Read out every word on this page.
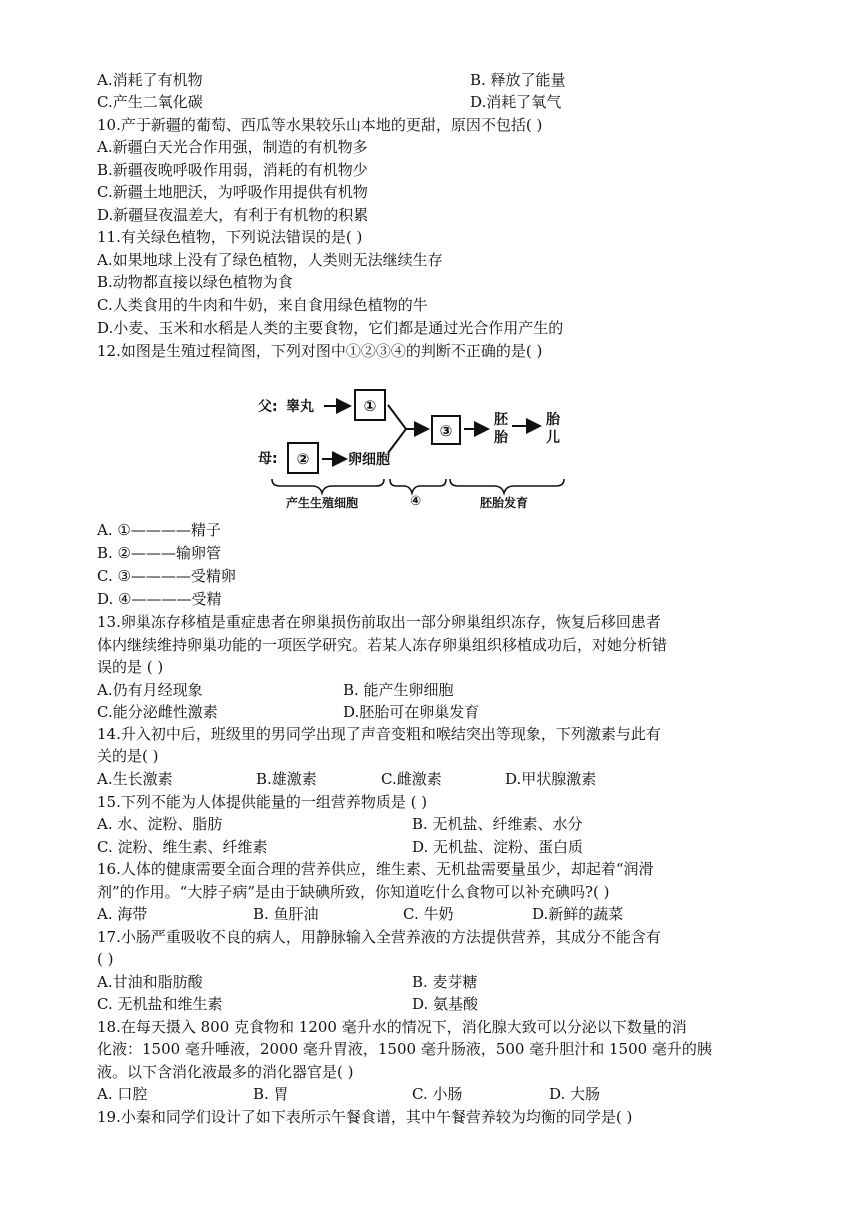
A.消耗了有机物	B. 释放了能量
C.产生二氧化碳	D.消耗了氧气
10.产于新疆的葡萄、西瓜等水果较乐山本地的更甜，原因不包括( )
A.新疆白天光合作用强，制造的有机物多
B.新疆夜晚呼吸作用弱，消耗的有机物少
C.新疆土地肥沃，为呼吸作用提供有机物
D.新疆昼夜温差大，有利于有机物的积累
11.有关绿色植物，下列说法错误的是( )
A.如果地球上没有了绿色植物，人类则无法继续生存
B.动物都直接以绿色植物为食
C.人类食用的牛肉和牛奶，来自食用绿色植物的牛
D.小麦、玉米和水稻是人类的主要食物，它们都是通过光合作用产生的
12.如图是生殖过程简图，下列对图中①②③④的判断不正确的是( )
父: 睾丸	①
母: ②	卵细胞
③
胚
胎
胎
儿
产生生殖细胞	④	胚胎发育
A. ①————精子
B. ②———输卵管
C. ③————受精卵
D. ④————受精
13.卵巢冻存移植是重症患者在卵巢损伤前取出一部分卵巢组织冻存，恢复后移回患者
体内继续维持卵巢功能的一项医学研究。若某人冻存卵巢组织移植成功后，对她分析错
误的是 ( )
A.仍有月经现象	B. 能产生卵细胞
C.能分泌雌性激素	D.胚胎可在卵巢发育
14.升入初中后，班级里的男同学出现了声音变粗和喉结突出等现象，下列激素与此有
关的是( )
A.生长激素	B.雄激素	C.雌激素	D.甲状腺激素
15.下列不能为人体提供能量的一组营养物质是 ( )
A. 水、淀粉、脂肪	B. 无机盐、纤维素、水分
C. 淀粉、维生素、纤维素	D. 无机盐、淀粉、蛋白质
16.人体的健康需要全面合理的营养供应，维生素、无机盐需要量虽少，却起着“润滑
剂”的作用。“大脖子病”是由于缺碘所致，你知道吃什么食物可以补充碘吗?( )
A. 海带	B. 鱼肝油	C. 牛奶	D.新鲜的蔬菜
17.小肠严重吸收不良的病人，用静脉输入全营养液的方法提供营养，其成分不能含有
( )
A.甘油和脂肪酸	B. 麦芽糖
C. 无机盐和维生素	D. 氨基酸
18.在每天摄入 800 克食物和 1200 毫升水的情况下，消化腺大致可以分泌以下数量的消
化液：1500 毫升唾液，2000 毫升胃液，1500 毫升肠液，500 毫升胆汁和 1500 毫升的胰
液。以下含消化液最多的消化器官是( )
A. 口腔	B. 胃	C. 小肠	D. 大肠
19.小秦和同学们设计了如下表所示午餐食谱，其中午餐营养较为均衡的同学是( )
